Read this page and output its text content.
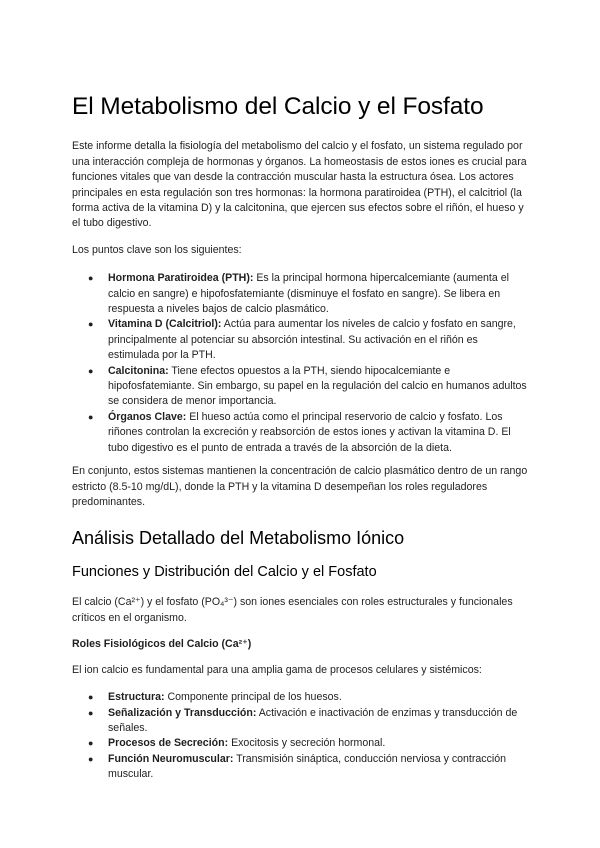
El Metabolismo del Calcio y el Fosfato

Este informe detalla la fisiología del metabolismo del calcio y el fosfato, un sistema regulado por una interacción compleja de hormonas y órganos. La homeostasis de estos iones es crucial para funciones vitales que van desde la contracción muscular hasta la estructura ósea. Los actores principales en esta regulación son tres hormonas: la hormona paratiroidea (PTH), el calcitriol (la forma activa de la vitamina D) y la calcitonina, que ejercen sus efectos sobre el riñón, el hueso y el tubo digestivo.

Los puntos clave son los siguientes:

● Hormona Paratiroidea (PTH): Es la principal hormona hipercalcemiante (aumenta el calcio en sangre) e hipofosfatemiante (disminuye el fosfato en sangre). Se libera en respuesta a niveles bajos de calcio plasmático.
● Vitamina D (Calcitriol): Actúa para aumentar los niveles de calcio y fosfato en sangre, principalmente al potenciar su absorción intestinal. Su activación en el riñón es estimulada por la PTH.
● Calcitonina: Tiene efectos opuestos a la PTH, siendo hipocalcemiante e hipofosfatemiante. Sin embargo, su papel en la regulación del calcio en humanos adultos se considera de menor importancia.
● Órganos Clave: El hueso actúa como el principal reservorio de calcio y fosfato. Los riñones controlan la excreción y reabsorción de estos iones y activan la vitamina D. El tubo digestivo es el punto de entrada a través de la absorción de la dieta.

En conjunto, estos sistemas mantienen la concentración de calcio plasmático dentro de un rango estricto (8.5-10 mg/dL), donde la PTH y la vitamina D desempeñan los roles reguladores predominantes.

Análisis Detallado del Metabolismo Iónico
Funciones y Distribución del Calcio y el Fosfato

El calcio (Ca²⁺) y el fosfato (PO₄³⁻) son iones esenciales con roles estructurales y funcionales críticos en el organismo.

Roles Fisiológicos del Calcio (Ca²⁺)

El ion calcio es fundamental para una amplia gama de procesos celulares y sistémicos:

● Estructura: Componente principal de los huesos.
● Señalización y Transducción: Activación e inactivación de enzimas y transducción de señales.
● Procesos de Secreción: Exocitosis y secreción hormonal.
● Función Neuromuscular: Transmisión sináptica, conducción nerviosa y contracción muscular.
